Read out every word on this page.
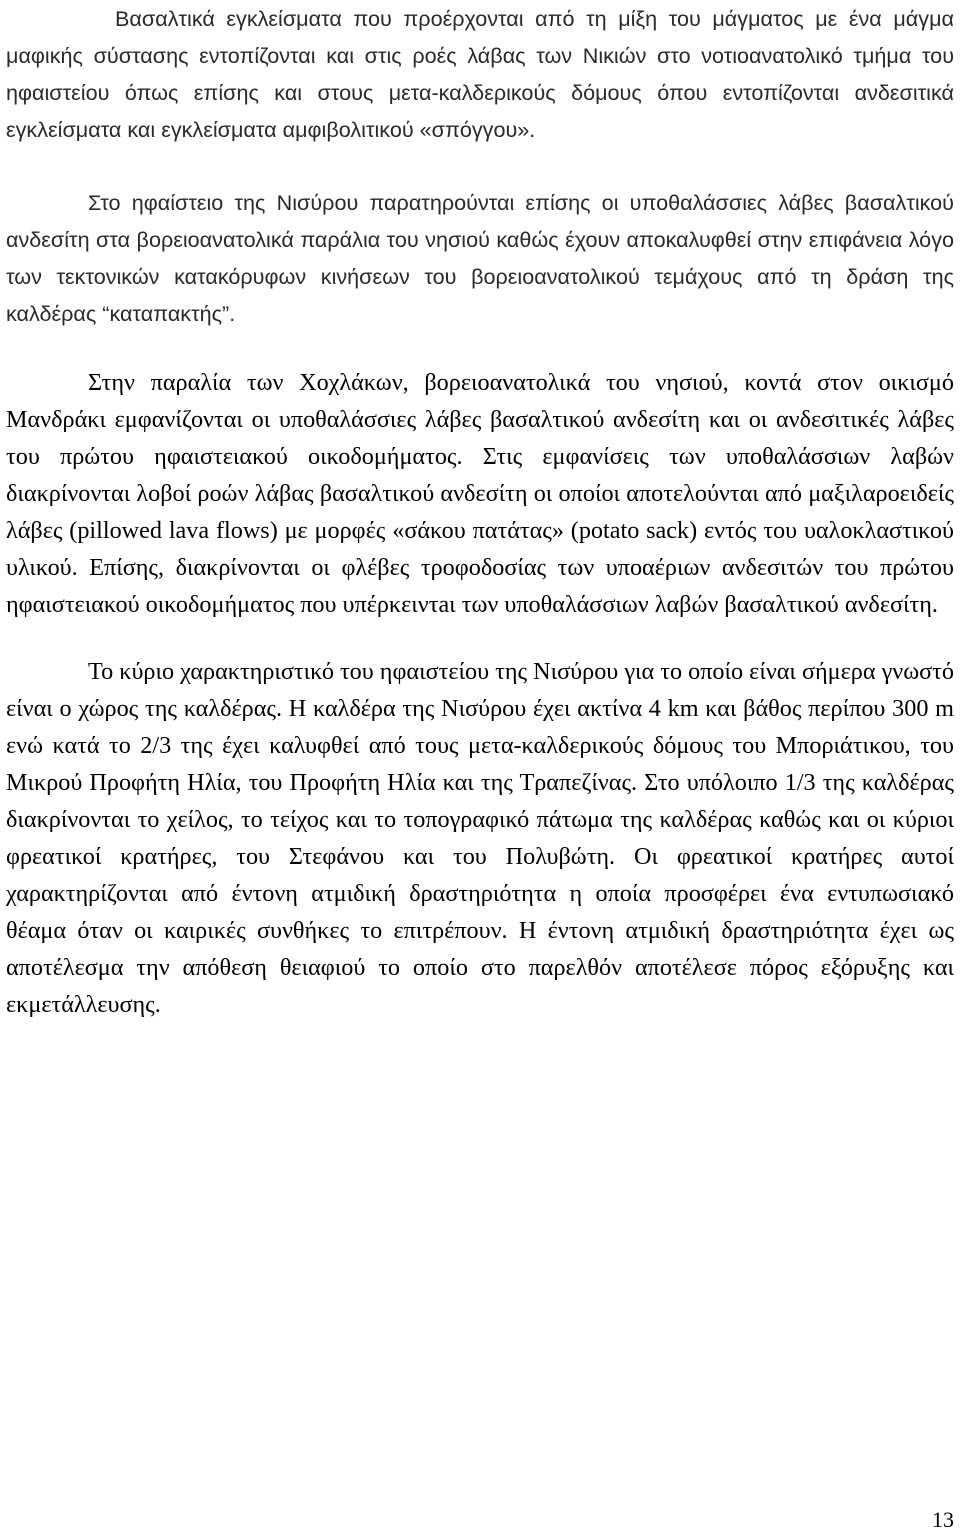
Βασαλτικά εγκλείσματα που προέρχονται από τη μίξη του μάγματος με ένα μάγμα μαφικής σύστασης εντοπίζονται και στις ροές λάβας των Νικιών στο νοτιοανατολικό τμήμα του ηφαιστείου όπως επίσης και στους μετα-καλδερικούς δόμους όπου εντοπίζονται ανδεσιτικά εγκλείσματα και εγκλείσματα αμφιβολιτικού «σπόγγου».

Στο ηφαίστειο της Νισύρου παρατηρούνται επίσης οι υποθαλάσσιες λάβες βασαλτικού ανδεσίτη στα βορειοανατολικά παράλια του νησιού καθώς έχουν αποκαλυφθεί στην επιφάνεια λόγο των τεκτονικών κατακόρυφων κινήσεων του βορειοανατολικού τεμάχους από τη δράση της καλδέρας “καταπακτής”.

Στην παραλία των Χοχλάκων, βορειοανατολικά του νησιού, κοντά στον οικισμό Μανδράκι εμφανίζονται οι υποθαλάσσιες λάβες βασαλτικού ανδεσίτη και οι ανδεσιτικές λάβες του πρώτου ηφαιστειακού οικοδομήματος. Στις εμφανίσεις των υποθαλάσσιων λαβών διακρίνονται λοβοί ροών λάβας βασαλτικού ανδεσίτη οι οποίοι αποτελούνται από μαξιλαροειδείς λάβες (pillowed lava flows) με μορφές «σάκου πατάτας» (potato sack) εντός του υαλοκλαστικού υλικού. Επίσης, διακρίνονται οι φλέβες τροφοδοσίας των υποαέριων ανδεσιτών του πρώτου ηφαιστειακού οικοδομήματος που υπέρκειντaι των υποθαλάσσιων λαβών βασαλτικού ανδεσίτη.

Το κύριο χαρακτηριστικό του ηφαιστείου της Νισύρου για το οποίο είναι σήμερα γνωστό είναι ο χώρος της καλδέρας. Η καλδέρα της Νισύρου έχει ακτίνα 4 km και βάθος περίπου 300 m ενώ κατά το 2/3 της έχει καλυφθεί από τους μετα-καλδερικούς δόμους του Μποριάτικου, του Μικρού Προφήτη Ηλία, του Προφήτη Ηλία και της Τραπεζίνας. Στο υπόλοιπο 1/3 της καλδέρας διακρίνονται το χείλος, το τείχος και το τοπογραφικό πάτωμα της καλδέρας καθώς και οι κύριοι φρεατικοί κρατήρες, του Στεφάνου και του Πολυβώτη. Οι φρεατικοί κρατήρες αυτοί χαρακτηρίζονται από έντονη ατμιδική δραστηριότητα η οποία προσφέρει ένα εντυπωσιακό θέαμα όταν οι καιρικές συνθήκες το επιτρέπουν. Η έντονη ατμιδική δραστηριότητα έχει ως αποτέλεσμα την απόθεση θειαφιού το οποίο στο παρελθόν αποτέλεσε πόρος εξόρυξης και εκμετάλλευσης.

13
